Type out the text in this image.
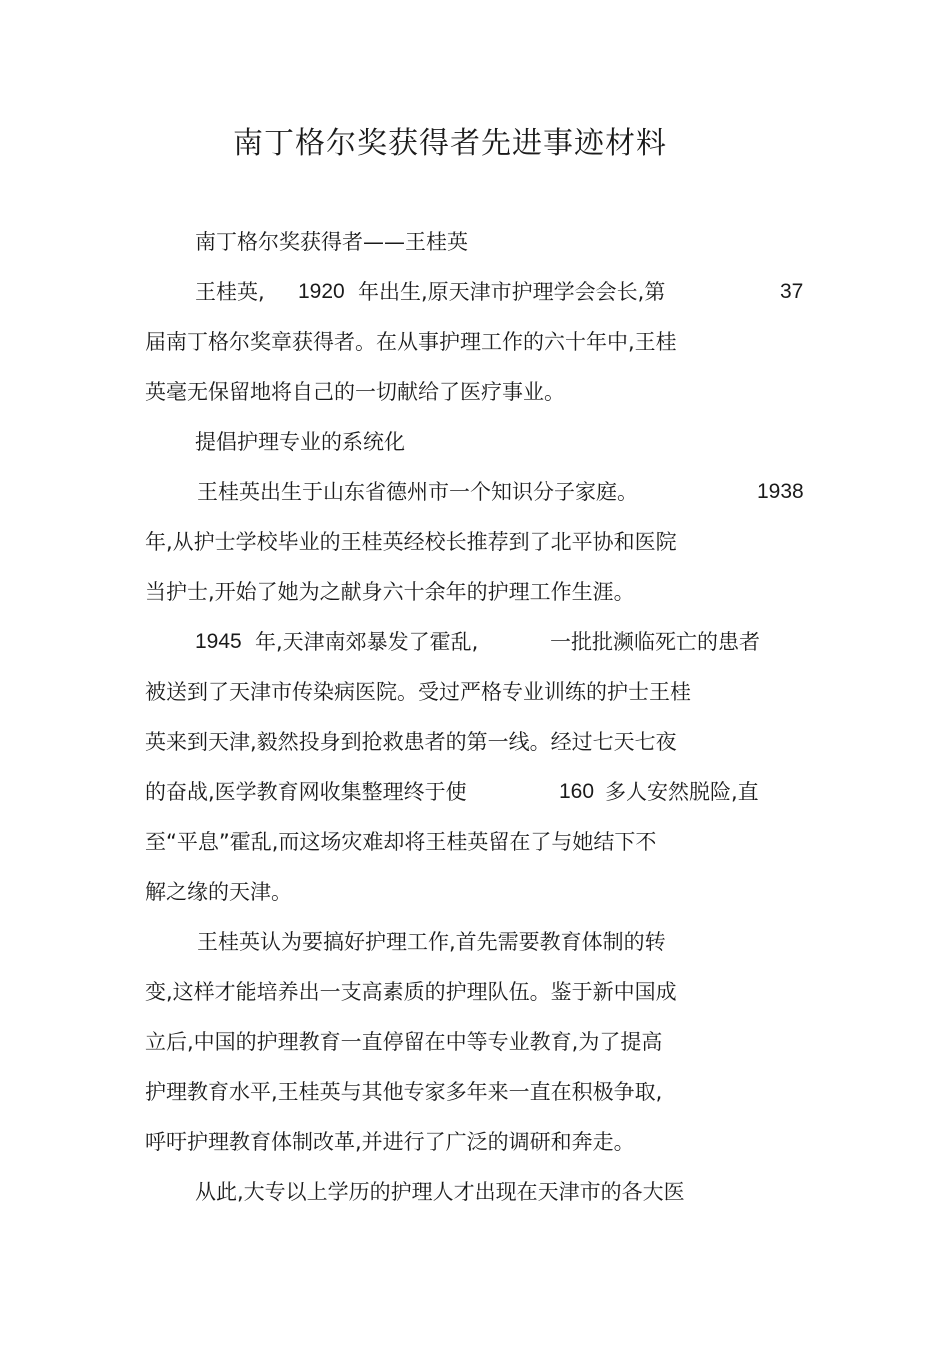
南丁格尔奖获得者先进事迹材料
南丁格尔奖获得者——王桂英
王桂英, 1920 年出生,原天津市护理学会会长,第	37
届南丁格尔奖章获得者。在从事护理工作的六十年中,王桂
英毫无保留地将自己的一切献给了医疗事业。
提倡护理专业的系统化
王桂英出生于山东省德州市一个知识分子家庭。	1938
年,从护士学校毕业的王桂英经校长推荐到了北平协和医院
当护士,开始了她为之献身六十余年的护理工作生涯。
1945 年,天津南郊暴发了霍乱,	一批批濒临死亡的患者
被送到了天津市传染病医院。受过严格专业训练的护士王桂
英来到天津,毅然投身到抢救患者的第一线。经过七天七夜
的奋战,医学教育网收集整理终于使	160 多人安然脱险,直
至“平息”霍乱,而这场灾难却将王桂英留在了与她结下不
解之缘的天津。
王桂英认为要搞好护理工作,首先需要教育体制的转
变,这样才能培养出一支高素质的护理队伍。鉴于新中国成
立后,中国的护理教育一直停留在中等专业教育,为了提高
护理教育水平,王桂英与其他专家多年来一直在积极争取,
呼吁护理教育体制改革,并进行了广泛的调研和奔走。
从此,大专以上学历的护理人才出现在天津市的各大医
